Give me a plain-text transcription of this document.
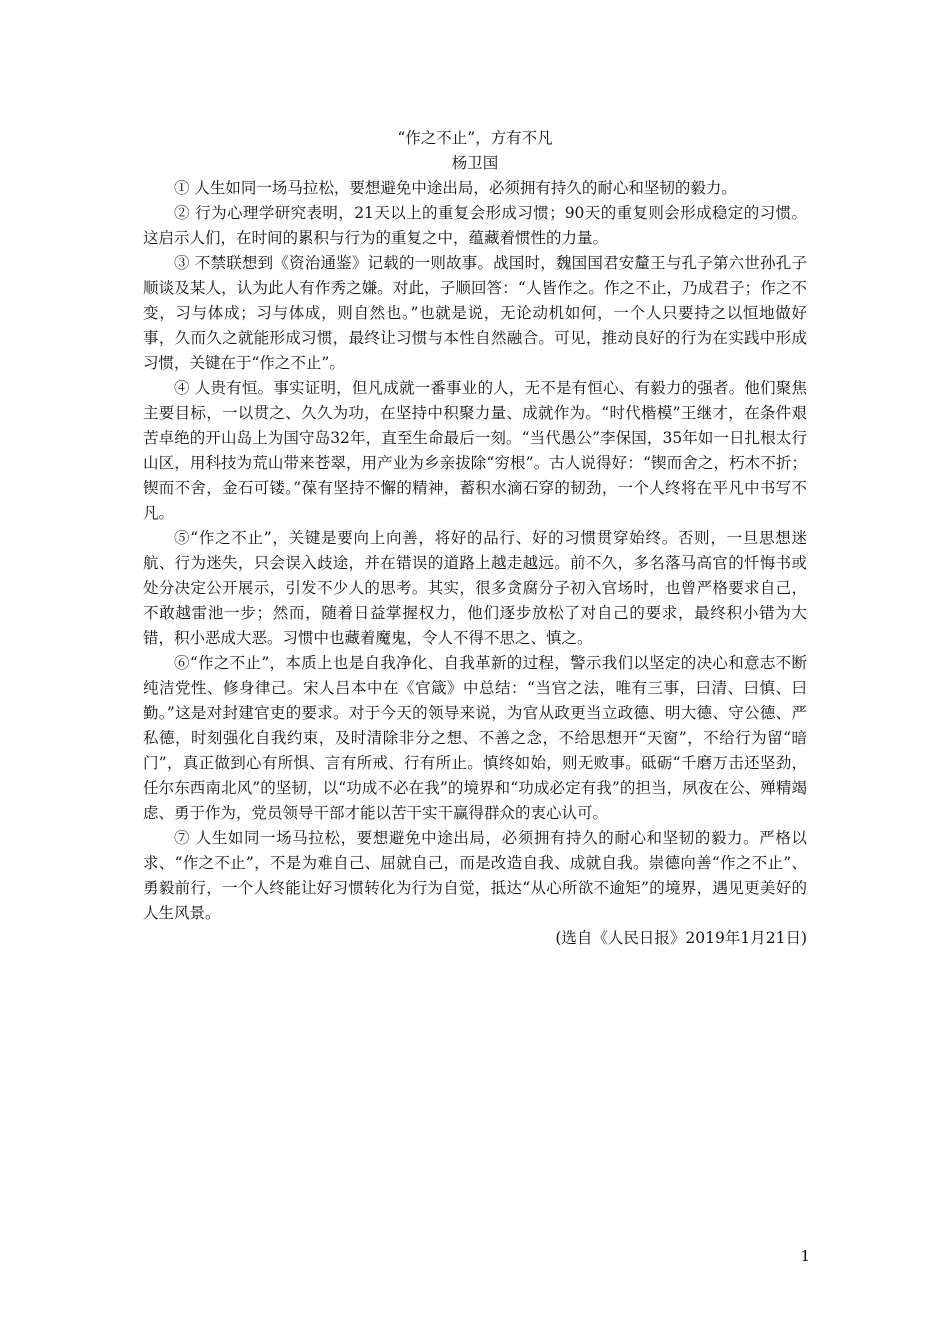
“作之不止”，方有不凡

杨卫国

① 人生如同一场马拉松，要想避免中途出局，必须拥有持久的耐心和坚韧的毅力。

② 行为心理学研究表明，21天以上的重复会形成习惯；90天的重复则会形成稳定的习惯。这启示人们，在时间的累积与行为的重复之中，蕴藏着惯性的力量。

③ 不禁联想到《资治通鉴》记载的一则故事。战国时，魏国国君安釐王与孔子第六世孙孔子顺谈及某人，认为此人有作秀之嫌。对此，子顺回答：“人皆作之。作之不止，乃成君子；作之不变，习与体成；习与体成，则自然也。”也就是说，无论动机如何，一个人只要持之以恒地做好事，久而久之就能形成习惯，最终让习惯与本性自然融合。可见，推动良好的行为在实践中形成习惯，关键在于“作之不止”。

④ 人贵有恒。事实证明，但凡成就一番事业的人，无不是有恒心、有毅力的强者。他们聚焦主要目标，一以贯之、久久为功，在坚持中积聚力量、成就作为。“时代楷模”王继才，在条件艰苦卓绝的开山岛上为国守岛32年，直至生命最后一刻。“当代愚公”李保国，35年如一日扎根太行山区，用科技为荒山带来苍翠，用产业为乡亲拔除“穷根”。古人说得好：“锲而舍之，朽木不折；锲而不舍，金石可镂。”葆有坚持不懈的精神，蓄积水滴石穿的韧劲，一个人终将在平凡中书写不凡。

⑤“作之不止”，关键是要向上向善，将好的品行、好的习惯贯穿始终。否则，一旦思想迷航、行为迷失，只会误入歧途，并在错误的道路上越走越远。前不久，多名落马高官的忏悔书或处分决定公开展示，引发不少人的思考。其实，很多贪腐分子初入官场时，也曾严格要求自己，不敢越雷池一步；然而，随着日益掌握权力，他们逐步放松了对自己的要求，最终积小错为大错，积小恶成大恶。习惯中也藏着魔鬼，令人不得不思之、慎之。

⑥“作之不止”，本质上也是自我净化、自我革新的过程，警示我们以坚定的决心和意志不断纯洁党性、修身律己。宋人吕本中在《官箴》中总结：“当官之法，唯有三事，曰清、曰慎、曰勤。”这是对封建官吏的要求。对于今天的领导来说，为官从政更当立政德、明大德、守公德、严私德，时刻强化自我约束，及时清除非分之想、不善之念，不给思想开“天窗”，不给行为留“暗门”，真正做到心有所惧、言有所戒、行有所止。慎终如始，则无败事。砥砺“千磨万击还坚劲，任尔东西南北风”的坚韧，以“功成不必在我”的境界和“功成必定有我”的担当，夙夜在公、殚精竭虑、勇于作为，党员领导干部才能以苦干实干赢得群众的衷心认可。

⑦ 人生如同一场马拉松，要想避免中途出局，必须拥有持久的耐心和坚韧的毅力。严格以求、“作之不止”，不是为难自己、屈就自己，而是改造自我、成就自我。崇德向善“作之不止”、勇毅前行，一个人终能让好习惯转化为行为自觉，抵达“从心所欲不逾矩”的境界，遇见更美好的人生风景。

(选自《人民日报》2019年1月21日)

1
